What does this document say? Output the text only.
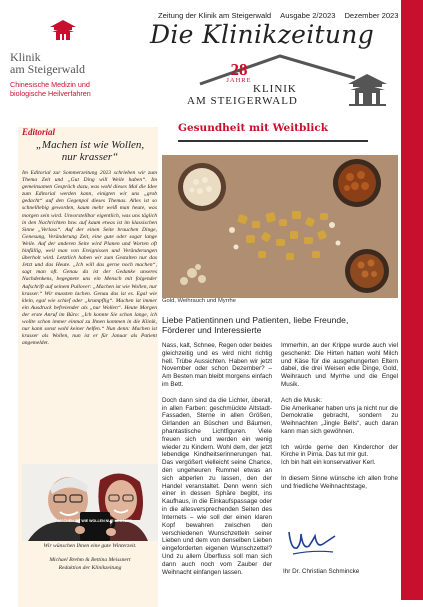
Klinik
am Steigerwald
Chinesische Medizin und
biologische Heilverfahren
Zeitung der Klinik am Steigerwald Ausgabe 2/2023 Dezember 2023
Die Klinikzeitung
28
JAHRE
KLINIK
AM STEIGERWALD
Gesundheit mit Weitblick
Editorial
„Machen ist wie Wollen,
nur krasser“
Im Editorial zur Sommerzeitung 2023 schrieben wir zum Thema Zeit und „Gut Ding will Weile haben“. Im gemeinsamen Gespräch dazu, was wohl dieses Mal die Idee zum Editorial werden kann, einigten wir uns „grob gedacht“ auf den Gegenpol dieses Themas. Alles ist so schnelllebig geworden, kaum mehr weiß man heute, was morgen sein wird. Unvorstellbar eigentlich, was uns täglich in den Nachrichten bzw. auf kaum etwas ist im klassischen Sinne „Verlass“. Auf der einen Seite brauchen Dinge, Genesung, Veränderung Zeit, eine gute oder sogar lange Weile. Auf der anderen Seite wird Planen und Warten oft hinfällig, weil man von Ereignissen und Veränderungen überholt wird. Letztlich haben wir zum Gestalten nur das Jetzt und das Heute. „Ich will das gerne noch machen“, sagt man oft. Genau da ist der Gedanke unseres Nachdenkens, begegnete uns ein Mensch mit folgender Aufschrift auf seinem Pullover: „Machen ist wie Wollen, nur krasser.“ Wir mussten lachen. Genau das ist es. Egal wie klein, egal wie schief oder „krumpflig“. Machen ist immer ein Ausdruck befreiender als „nur Wollen“. Heute Morgen der erste Anruf im Büro: „Ich konnte Sie schon lange, ich wollte schon immer einmal zu Ihnen kommen in die Klinik, nur kann sonst wohl keiner helfen.“ Nun denn: Machen ist krasser als Wollen, nun ist er für Januar als Patient angemeldet.
MACHEN IST WIE WOLLEN NUR KRASSER
Wir wünschen Ihnen eine gute Winterzeit.
Michael Brehm & Bettina Meissnert
Redaktion der Klinikzeitung
Gold, Weihrauch und Myrrhe
Liebe Patientinnen und Patienten, liebe Freunde,
Förderer und Interessierte

Nass, kalt, Schnee, Regen oder beides gleichzeitig und es wird nicht richtig hell. Trübe Aussichten. Haben wir jetzt November oder schon Dezember? – Am Besten man bleibt morgens einfach im Bett.

Doch dann sind da die Lichter, überall, in allen Farben: geschmückte Altstadt-Fassaden, Sterne in allen Größen, Girlanden an Büschen und Bäumen, phantastische Lichtfiguren. Viele freuen sich und werden ein wenig wieder zu Kindern. Wohl dem, der jetzt lebendige Kindheitserinnerungen hat. Das vergößert vielleicht seine Chance, den ungeheuren Rummel etwas an sich abperlen zu lassen, den der Handel veranstaltet. Denn wenn sich einer in dessen Sphäre begibt, ins Kaufhaus, in die Einkaufspassage oder in die allesversprechenden Seiten des Internets – wie soll der einen klaren Kopf bewahren zwischen den verschiedenen Wunschzetteln seiner Lieben und dem von denselben Lieben eingeforderten eigenen Wunschzettel? Und zu allem Überfluss soll man sich dann auch noch vom Zauber der Weihnacht einfangen lassen.

Immerhin, an der Krippe wurde auch viel geschenkt: Die Hirten hatten wohl Milch und Käse für die ausgehungerten Eltern dabei, die drei Weisen edle Dinge, Gold, Weihrauch und Myrrhe und die Engel Musik.

Ach die Musik:

Die Amerikaner haben uns ja nicht nur die Demokratie gebracht, sondern zu Weihnachten „Jingle Bells“, auch daran kann man sich gewöhnen.

Ich würde gerne den Kinderchor der Kirche in Pirna. Das tut mir gut.

Ich bin halt ein konservativer Kerl.

In diesem Sinne wünsche ich allen frohe und friedliche Weihnachtstage,

Ihr Dr. Christian Schmincke
